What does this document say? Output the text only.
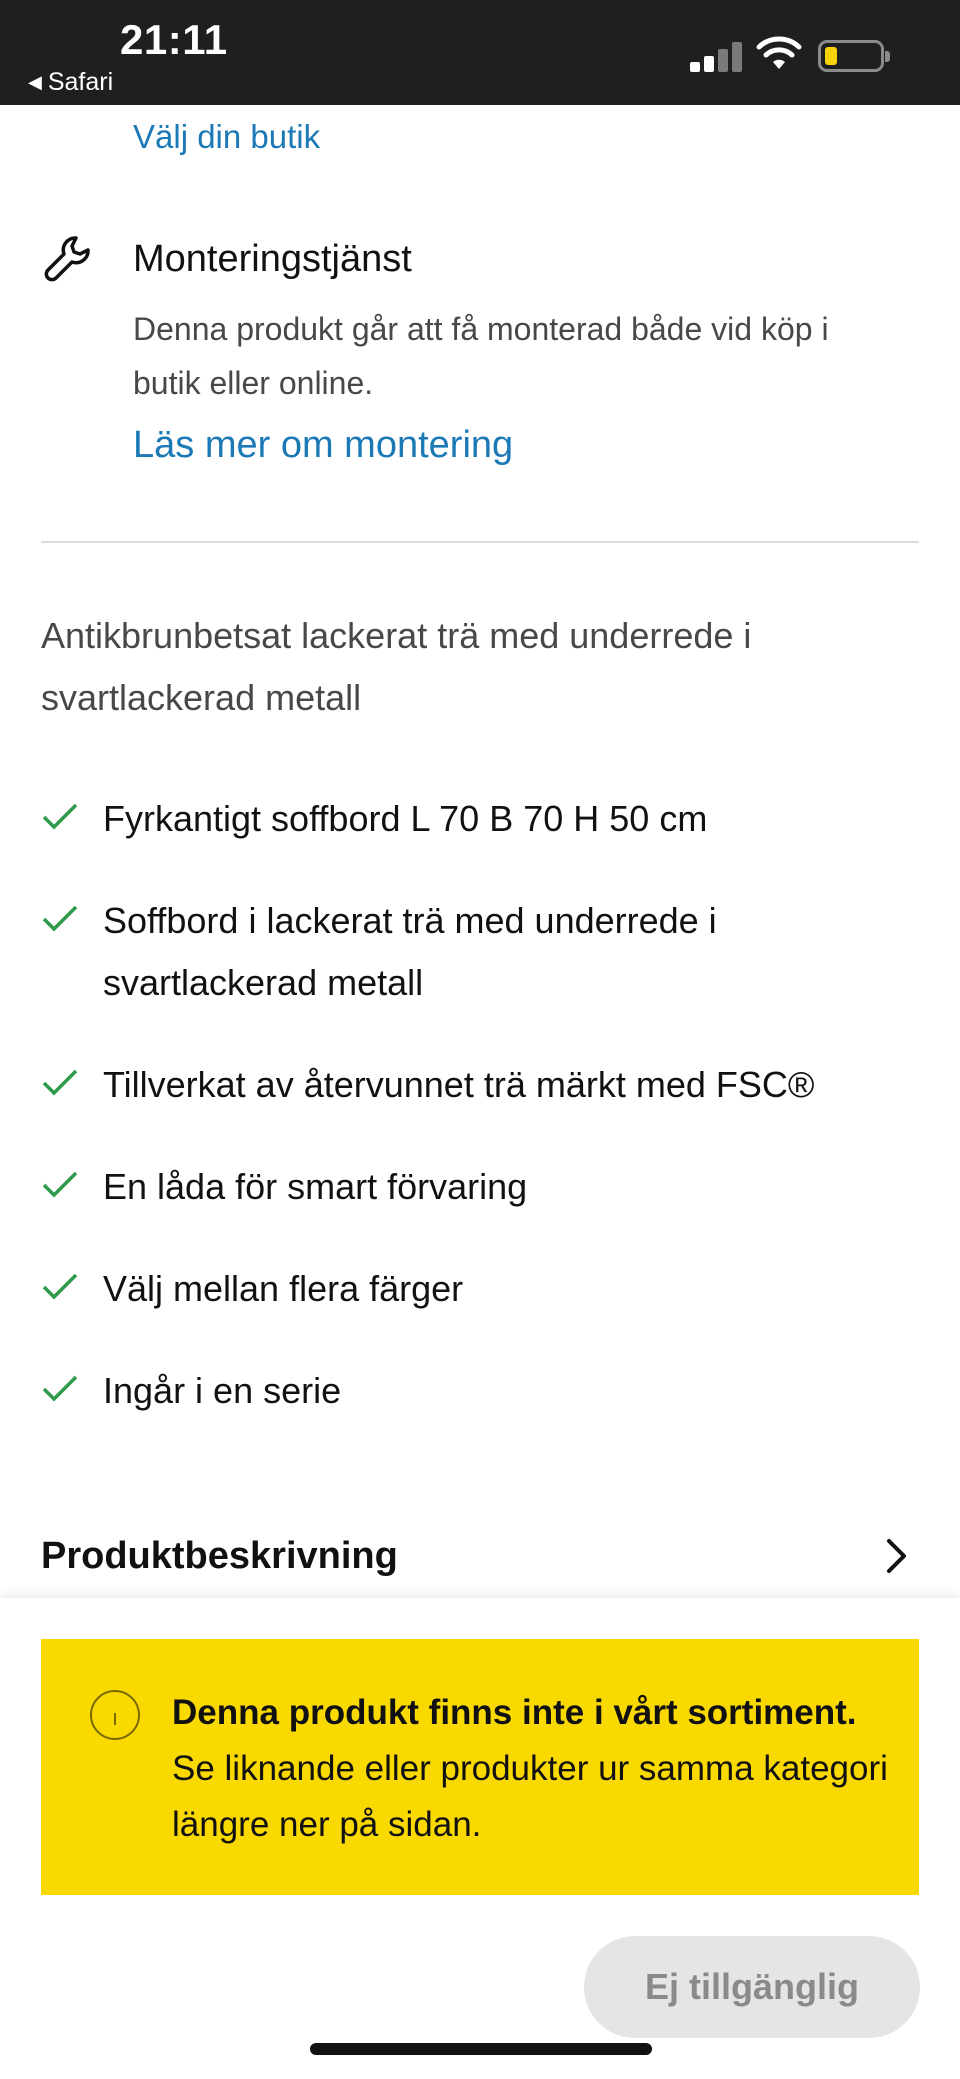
21:11
◀ Safari
Välj din butik
Monteringstjänst
Denna produkt går att få monterad både vid köp i butik eller online.
Läs mer om montering
Antikbrunbetsat lackerat trä med underrede i svartlackerad metall
Fyrkantigt soffbord L 70 B 70 H 50 cm
Soffbord i lackerat trä med underrede i svartlackerad metall
Tillverkat av återvunnet trä märkt med FSC®
En låda för smart förvaring
Välj mellan flera färger
Ingår i en serie
Produktbeskrivning
Denna produkt finns inte i vårt sortiment.
Se liknande eller produkter ur samma kategori längre ner på sidan.
Ej tillgänglig
